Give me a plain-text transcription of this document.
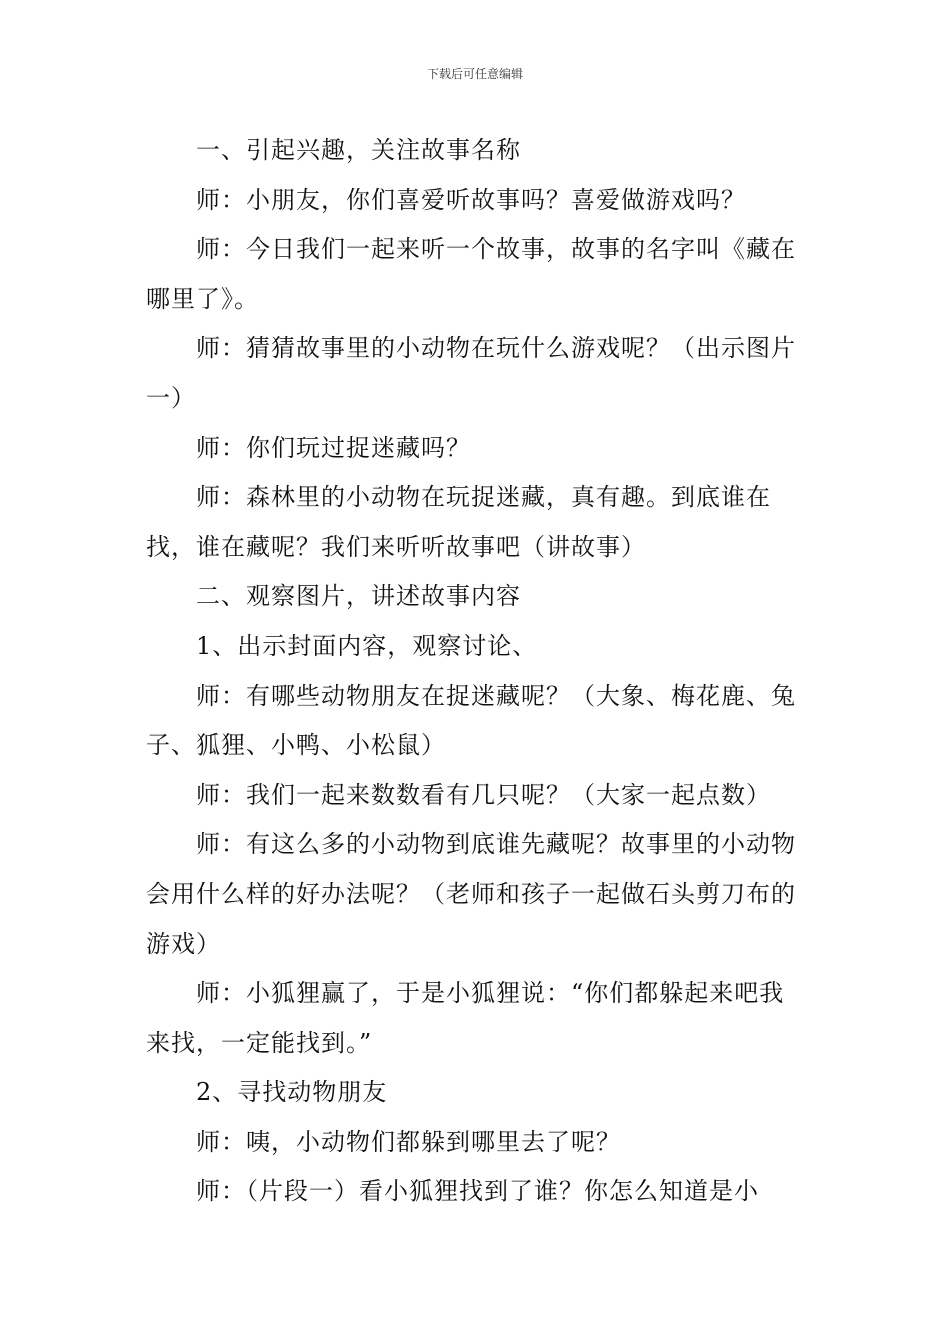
下载后可任意编辑

一、引起兴趣，关注故事名称

师：小朋友，你们喜爱听故事吗？喜爱做游戏吗？

师：今日我们一起来听一个故事，故事的名字叫《藏在哪里了》。

师：猜猜故事里的小动物在玩什么游戏呢？（出示图片一）

师：你们玩过捉迷藏吗？

师：森林里的小动物在玩捉迷藏，真有趣。到底谁在找，谁在藏呢？我们来听听故事吧（讲故事）

二、观察图片，讲述故事内容

1、出示封面内容，观察讨论、

师：有哪些动物朋友在捉迷藏呢？（大象、梅花鹿、兔子、狐狸、小鸭、小松鼠）

师：我们一起来数数看有几只呢？（大家一起点数）

师：有这么多的小动物到底谁先藏呢？故事里的小动物会用什么样的好办法呢？（老师和孩子一起做石头剪刀布的游戏）

师：小狐狸赢了，于是小狐狸说：“你们都躲起来吧我来找，一定能找到。”

2、寻找动物朋友

师：咦，小动物们都躲到哪里去了呢？

师：（片段一）看小狐狸找到了谁？你怎么知道是小
